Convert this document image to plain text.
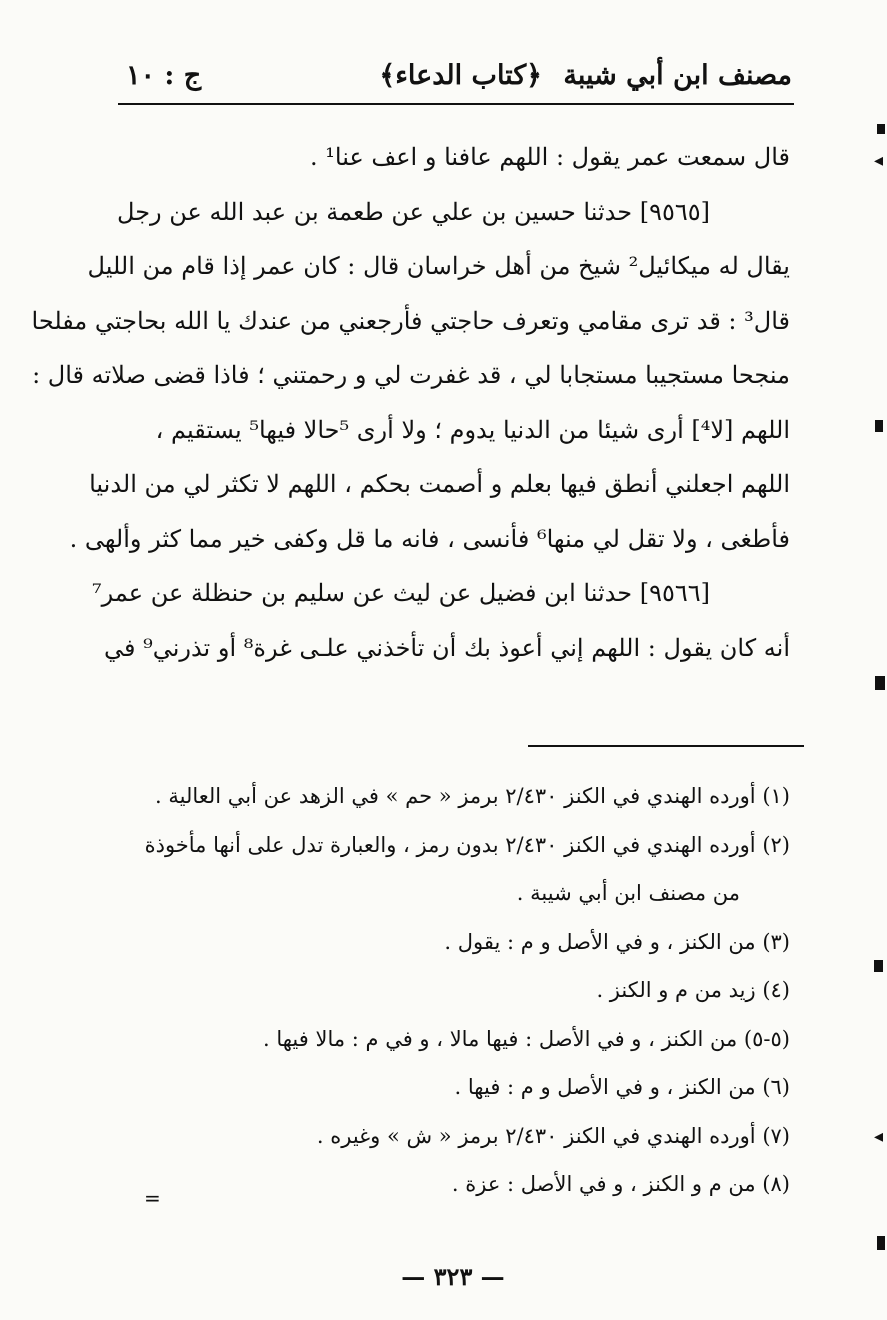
مصنف ابن أبي شيبة
﴿كتاب الدعاء﴾
ج : ١٠
قال سمعت عمر يقول : اللهم عافنا و اعف عنا¹ .
[٩٥٦٥] حدثنا حسين بن علي عن طعمة بن عبد الله عن رجل
يقال له ميكائيل² شيخ من أهل خراسان قال : كان عمر إذا قام من الليل
قال³ : قد ترى مقامي وتعرف حاجتي فأرجعني من عندك يا الله بحاجتي مفلحا
منجحا مستجيبا مستجابا لي ، قد غفرت لي و رحمتني ؛ فاذا قضى صلاته قال :
اللهم [لا⁴] أرى شيئا من الدنيا يدوم ؛ ولا أرى ⁵حالا فيها⁵ يستقيم ،
اللهم اجعلني أنطق فيها بعلم و أصمت بحكم ، اللهم لا تكثر لي من الدنيا
فأطغى ، ولا تقل لي منها⁶ فأنسى ، فانه ما قل وكفى خير مما كثر وألهى .
[٩٥٦٦] حدثنا ابن فضيل عن ليث عن سليم بن حنظلة عن عمر⁷
أنه كان يقول : اللهم إني أعوذ بك أن تأخذني علـى غرة⁸ أو تذرني⁹ في
(١) أورده الهندي في الكنز ٢/٤٣٠ برمز « حم » في الزهد عن أبي العالية .
(٢) أورده الهندي في الكنز ٢/٤٣٠ بدون رمز ، والعبارة تدل على أنها مأخوذة
من مصنف ابن أبي شيبة .
(٣) من الكنز ، و في الأصل و م : يقول .
(٤) زيد من م و الكنز .
(٥-٥) من الكنز ، و في الأصل : فيها مالا ، و في م : مالا فيها .
(٦) من الكنز ، و في الأصل و م : فيها .
(٧) أورده الهندي في الكنز ٢/٤٣٠ برمز « ش » وغيره .
(٨) من م و الكنز ، و في الأصل : عزة .
— ٣٢٣ —
=
◂
◂
